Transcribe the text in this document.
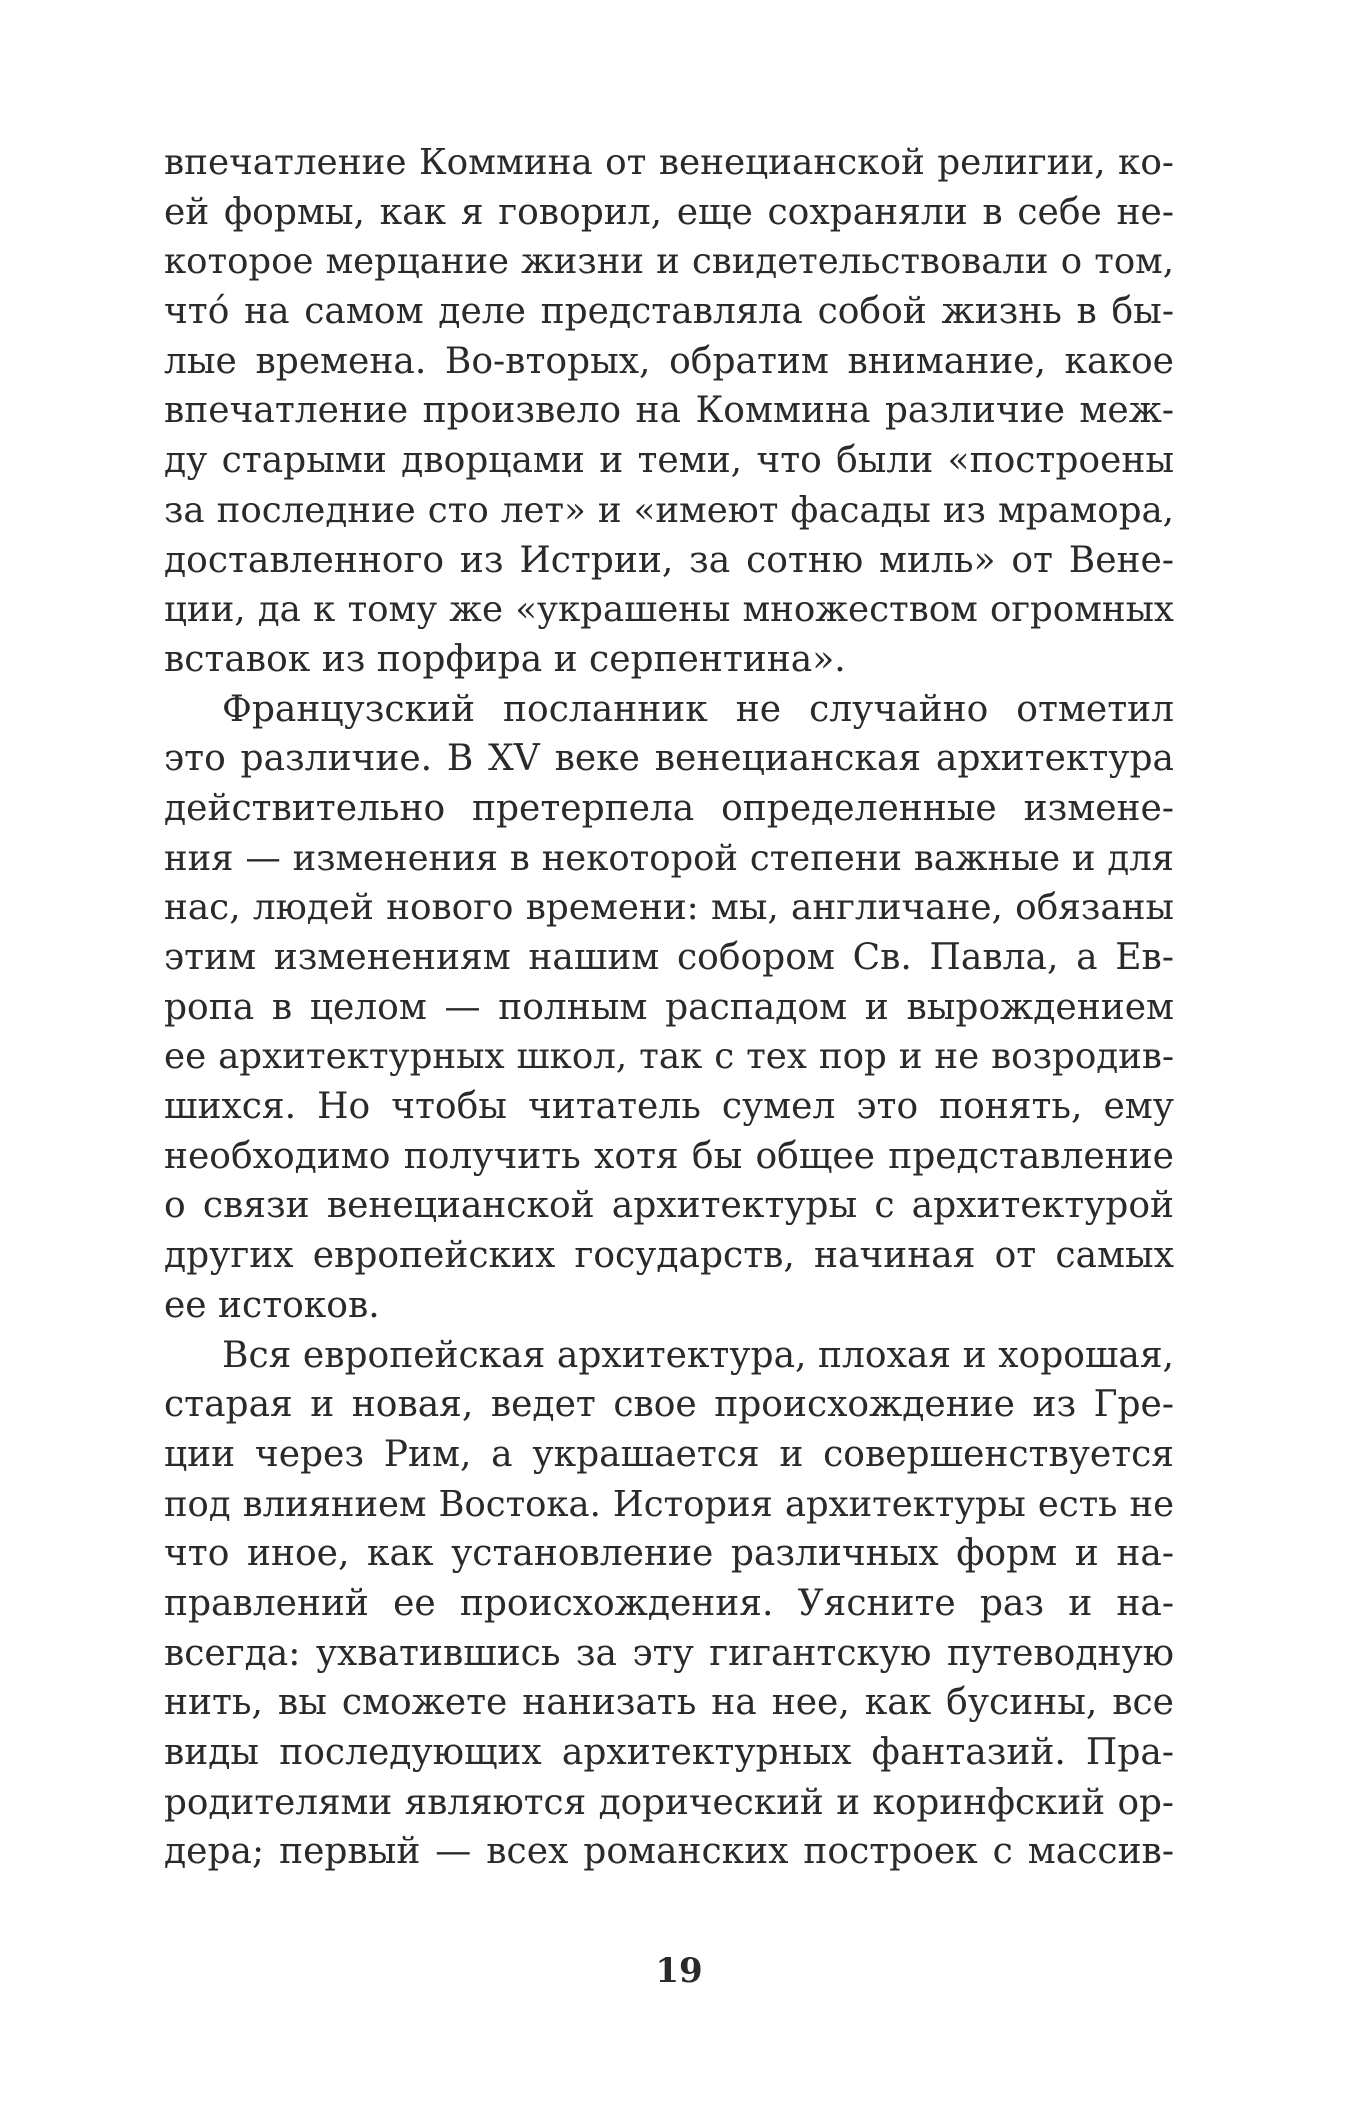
впечатление Коммина от венецианской религии, ко-
ей формы, как я говорил, еще сохраняли в себе не-
которое мерцание жизни и свидетельствовали о том,
чтó на самом деле представляла собой жизнь в бы-
лые времена. Во-вторых, обратим внимание, какое
впечатление произвело на Коммина различие меж-
ду старыми дворцами и теми, что были «построены
за последние сто лет» и «имеют фасады из мрамора,
доставленного из Истрии, за сотню миль» от Вене-
ции, да к тому же «украшены множеством огромных
вставок из порфира и серпентина».
Французский посланник не случайно отметил
это различие. В XV веке венецианская архитектура
действительно претерпела определенные измене-
ния — изменения в некоторой степени важные и для
нас, людей нового времени: мы, англичане, обязаны
этим изменениям нашим собором Св. Павла, а Ев-
ропа в целом — полным распадом и вырождением
ее архитектурных школ, так с тех пор и не возродив-
шихся. Но чтобы читатель сумел это понять, ему
необходимо получить хотя бы общее представление
о связи венецианской архитектуры с архитектурой
других европейских государств, начиная от самых
ее истоков.
Вся европейская архитектура, плохая и хорошая,
старая и новая, ведет свое происхождение из Гре-
ции через Рим, а украшается и совершенствуется
под влиянием Востока. История архитектуры есть не
что иное, как установление различных форм и на-
правлений ее происхождения. Уясните раз и на-
всегда: ухватившись за эту гигантскую путеводную
нить, вы сможете нанизать на нее, как бусины, все
виды последующих архитектурных фантазий. Пра-
родителями являются дорический и коринфский ор-
дера; первый — всех романских построек с массив-
19
